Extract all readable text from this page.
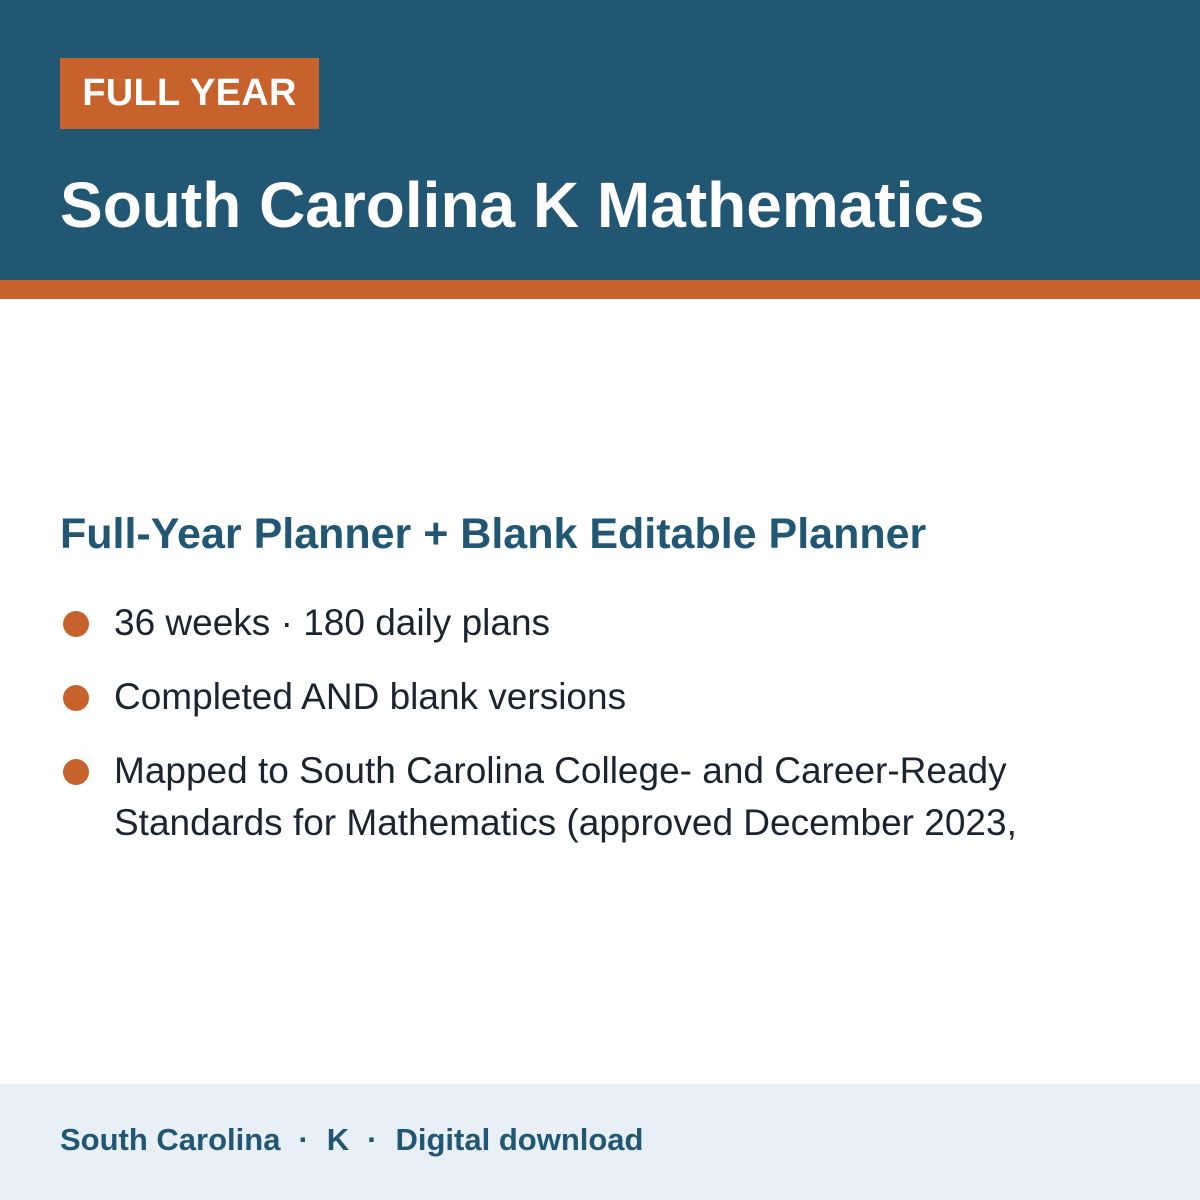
FULL YEAR
South Carolina K Mathematics
Full-Year Planner + Blank Editable Planner
36 weeks · 180 daily plans
Completed AND blank versions
Mapped to South Carolina College- and Career-Ready Standards for Mathematics (approved December 2023,
South Carolina · K · Digital download
